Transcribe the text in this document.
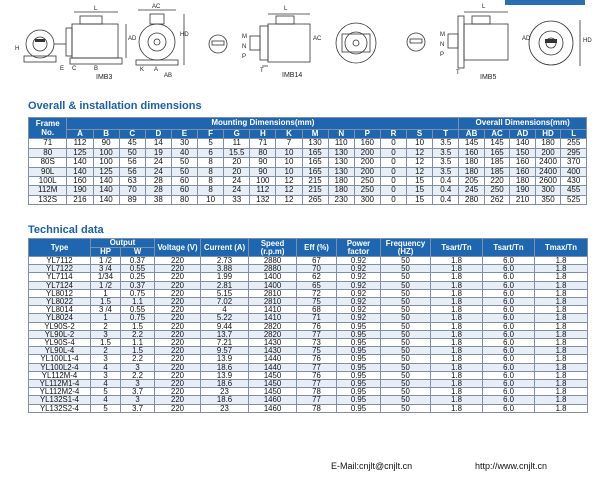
L	AC
AD
HD
H
E C	B	A
K
AB
IMB3
L
T
M
N
P
AC
IMB14
L
T
M
N
P
AD	HD
IMB5
Overall & installation dimensions
Frame No.	Mounting Dimensions(mm)															Overall Dimensions(mm)				
	A	B	C	D	E	F	G	H	K	M	N	P	R	S	T	AB	AC	AD	HD	L
71	112	90	45	14	30	5	11	71	7	130	110	160	0	10	3.5	145	145	140	180	255
80	125	100	50	19	40	6	15.5	80	10	165	130	200	0	12	3.5	160	165	150	200	295
80S	140	100	56	24	50	8	20	90	10	165	130	200	0	12	3.5	180	185	160	2400	370
90L	140	125	56	24	50	8	20	90	10	165	130	200	0	12	3.5	180	185	160	2400	400
100L	160	140	63	28	60	8	24	100	12	215	180	250	0	15	0.4	205	220	180	2600	430
112M	190	140	70	28	60	8	24	112	12	215	180	250	0	15	0.4	245	250	190	300	455
132S	216	140	89	38	80	10	33	132	12	265	230	300	0	15	0.4	280	262	210	350	525
Technical data
Type	Output		Voltage (V)	Current (A)	Speed (r.p.m)	Eff (%)	Power factor	Frequency (HZ)	Tsart/Tn	Tsart/Tn	Tmax/Tn
	HP	W									
YL7112	1 /2	0.37	220	2.73	2880	67	0.92	50	1.8	6.0	1.8
YL7122	3 /4	0.55	220	3.88	2880	70	0.92	50	1.8	6.0	1.8
YL7114	1/34	0.25	220	1.99	1400	62	0.92	50	1.8	6.0	1.8
YL7124	1 /2	0.37	220	2.81	1400	65	0.92	50	1.8	6.0	1.8
YL8012	1	0.75	220	5.15	2810	72	0.92	50	1.8	6.0	1.8
YL8022	1.5	1.1	220	7.02	2810	75	0.92	50	1.8	6.0	1.8
YL8014	3 /4	0.55	220	4	1410	68	0.92	50	1.8	6.0	1.8
YL8024	1	0.75	220	5.22	1410	71	0.92	50	1.8	6.0	1.8
YL90S-2	2	1.5	220	9.44	2820	76	0.95	50	1.8	6.0	1.8
YL90L-2	3	2.2	220	13.7	2820	77	0.95	50	1.8	6.0	1.8
YL90S-4	1.5	1.1	220	7.21	1430	73	0.95	50	1.8	6.0	1.8
YL90L-4	2	1.5	220	9.57	1430	75	0.95	50	1.8	6.0	1.8
YL100L1-4	3	2.2	220	13.9	1440	76	0.95	50	1.8	6.0	1.8
YL100L2-4	4	3	220	18.6	1440	77	0.95	50	1.8	6.0	1.8
YL112M-4	3	2.2	220	13.9	1450	76	0.95	50	1.8	6.0	1.8
YL112M1-4	4	3	220	18.6	1450	77	0.95	50	1.8	6.0	1.8
YL112M2-4	5	3.7	220	23	1450	78	0.95	50	1.8	6.0	1.8
YL132S1-4	4	3	220	18.6	1460	77	0.95	50	1.8	6.0	1.8
YL132S2-4	5	3.7	220	23	1460	78	0.95	50	1.8	6.0	1.8
E-Mail:cnjlt@cnjlt.cn	http://www.cnjlt.cn
